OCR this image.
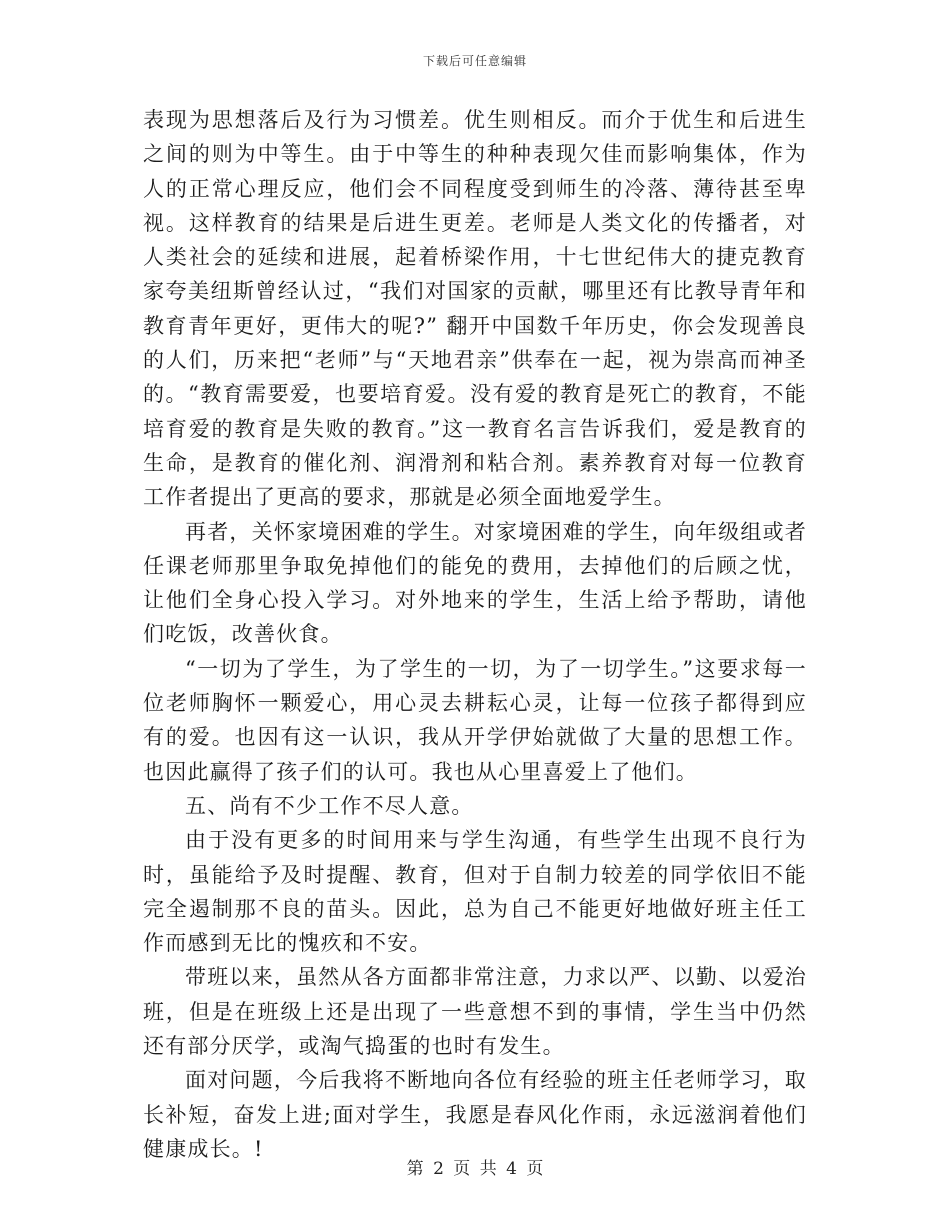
下载后可任意编辑

表现为思想落后及行为习惯差。优生则相反。而介于优生和后进生之间的则为中等生。由于中等生的种种表现欠佳而影响集体，作为人的正常心理反应，他们会不同程度受到师生的冷落、薄待甚至卑视。这样教育的结果是后进生更差。老师是人类文化的传播者，对人类社会的延续和进展，起着桥梁作用，十七世纪伟大的捷克教育家夸美纽斯曾经认过，“我们对国家的贡献，哪里还有比教导青年和教育青年更好，更伟大的呢?” 翻开中国数千年历史，你会发现善良的人们，历来把“老师”与“天地君亲”供奉在一起，视为崇高而神圣的。“教育需要爱，也要培育爱。没有爱的教育是死亡的教育，不能培育爱的教育是失败的教育。”这一教育名言告诉我们，爱是教育的生命，是教育的催化剂、润滑剂和粘合剂。素养教育对每一位教育工作者提出了更高的要求，那就是必须全面地爱学生。

再者，关怀家境困难的学生。对家境困难的学生，向年级组或者任课老师那里争取免掉他们的能免的费用，去掉他们的后顾之忧，让他们全身心投入学习。对外地来的学生，生活上给予帮助，请他们吃饭，改善伙食。

“一切为了学生，为了学生的一切，为了一切学生。”这要求每一位老师胸怀一颗爱心，用心灵去耕耘心灵，让每一位孩子都得到应有的爱。也因有这一认识，我从开学伊始就做了大量的思想工作。也因此赢得了孩子们的认可。我也从心里喜爱上了他们。

五、尚有不少工作不尽人意。

由于没有更多的时间用来与学生沟通，有些学生出现不良行为时，虽能给予及时提醒、教育，但对于自制力较差的同学依旧不能完全遏制那不良的苗头。因此，总为自己不能更好地做好班主任工作而感到无比的愧疚和不安。

带班以来，虽然从各方面都非常注意，力求以严、以勤、以爱治班，但是在班级上还是出现了一些意想不到的事情，学生当中仍然还有部分厌学，或淘气捣蛋的也时有发生。

面对问题，今后我将不断地向各位有经验的班主任老师学习，取长补短，奋发上进;面对学生，我愿是春风化作雨，永远滋润着他们健康成长。!

第 2 页 共 4 页
